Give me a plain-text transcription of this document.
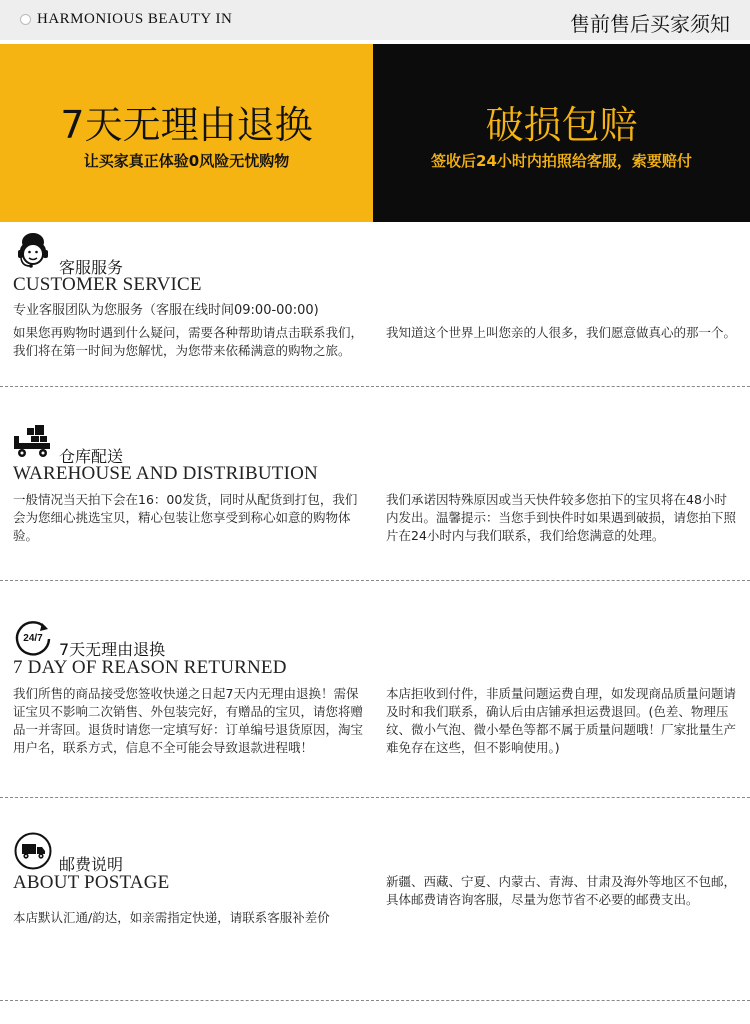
HARMONIOUS BEAUTY IN	售前售后买家须知
7天无理由退换
让买家真正体验0风险无忧购物
破损包赔
签收后24小时内拍照给客服，索要赔付
客服服务
CUSTOMER SERVICE
专业客服团队为您服务（客服在线时间09:00-00:00)
如果您再购物时遇到什么疑问，需要各种帮助请点击联系我们，我们将在第一时间为您解忧，为您带来依稀满意的购物之旅。
我知道这个世界上叫您亲的人很多，我们愿意做真心的那一个。
仓库配送
WAREHOUSE AND DISTRIBUTION
一般情况当天拍下会在16：00发货，同时从配货到打包，我们会为您细心挑选宝贝，精心包装让您享受到称心如意的购物体验。
我们承诺因特殊原因或当天快件较多您拍下的宝贝将在48小时内发出。温馨提示：当您手到快件时如果遇到破损，请您拍下照片在24小时内与我们联系，我们给您满意的处理。
24/7
7天无理由退换
7 DAY OF REASON RETURNED
我们所售的商品接受您签收快递之日起7天内无理由退换！需保证宝贝不影响二次销售、外包装完好，有赠品的宝贝，请您将赠品一并寄回。退货时请您一定填写好：订单编号退货原因，淘宝用户名，联系方式，信息不全可能会导致退款进程哦！
本店拒收到付件，非质量问题运费自理，如发现商品质量问题请及时和我们联系，确认后由店铺承担运费退回。(色差、物理压纹、微小气泡、微小晕色等都不属于质量问题哦！厂家批量生产难免存在这些，但不影响使用。)
邮费说明
ABOUT POSTAGE
本店默认汇通/韵达，如亲需指定快递，请联系客服补差价
新疆、西藏、宁夏、内蒙古、青海、甘肃及海外等地区不包邮，具体邮费请咨询客服，尽量为您节省不必要的邮费支出。
